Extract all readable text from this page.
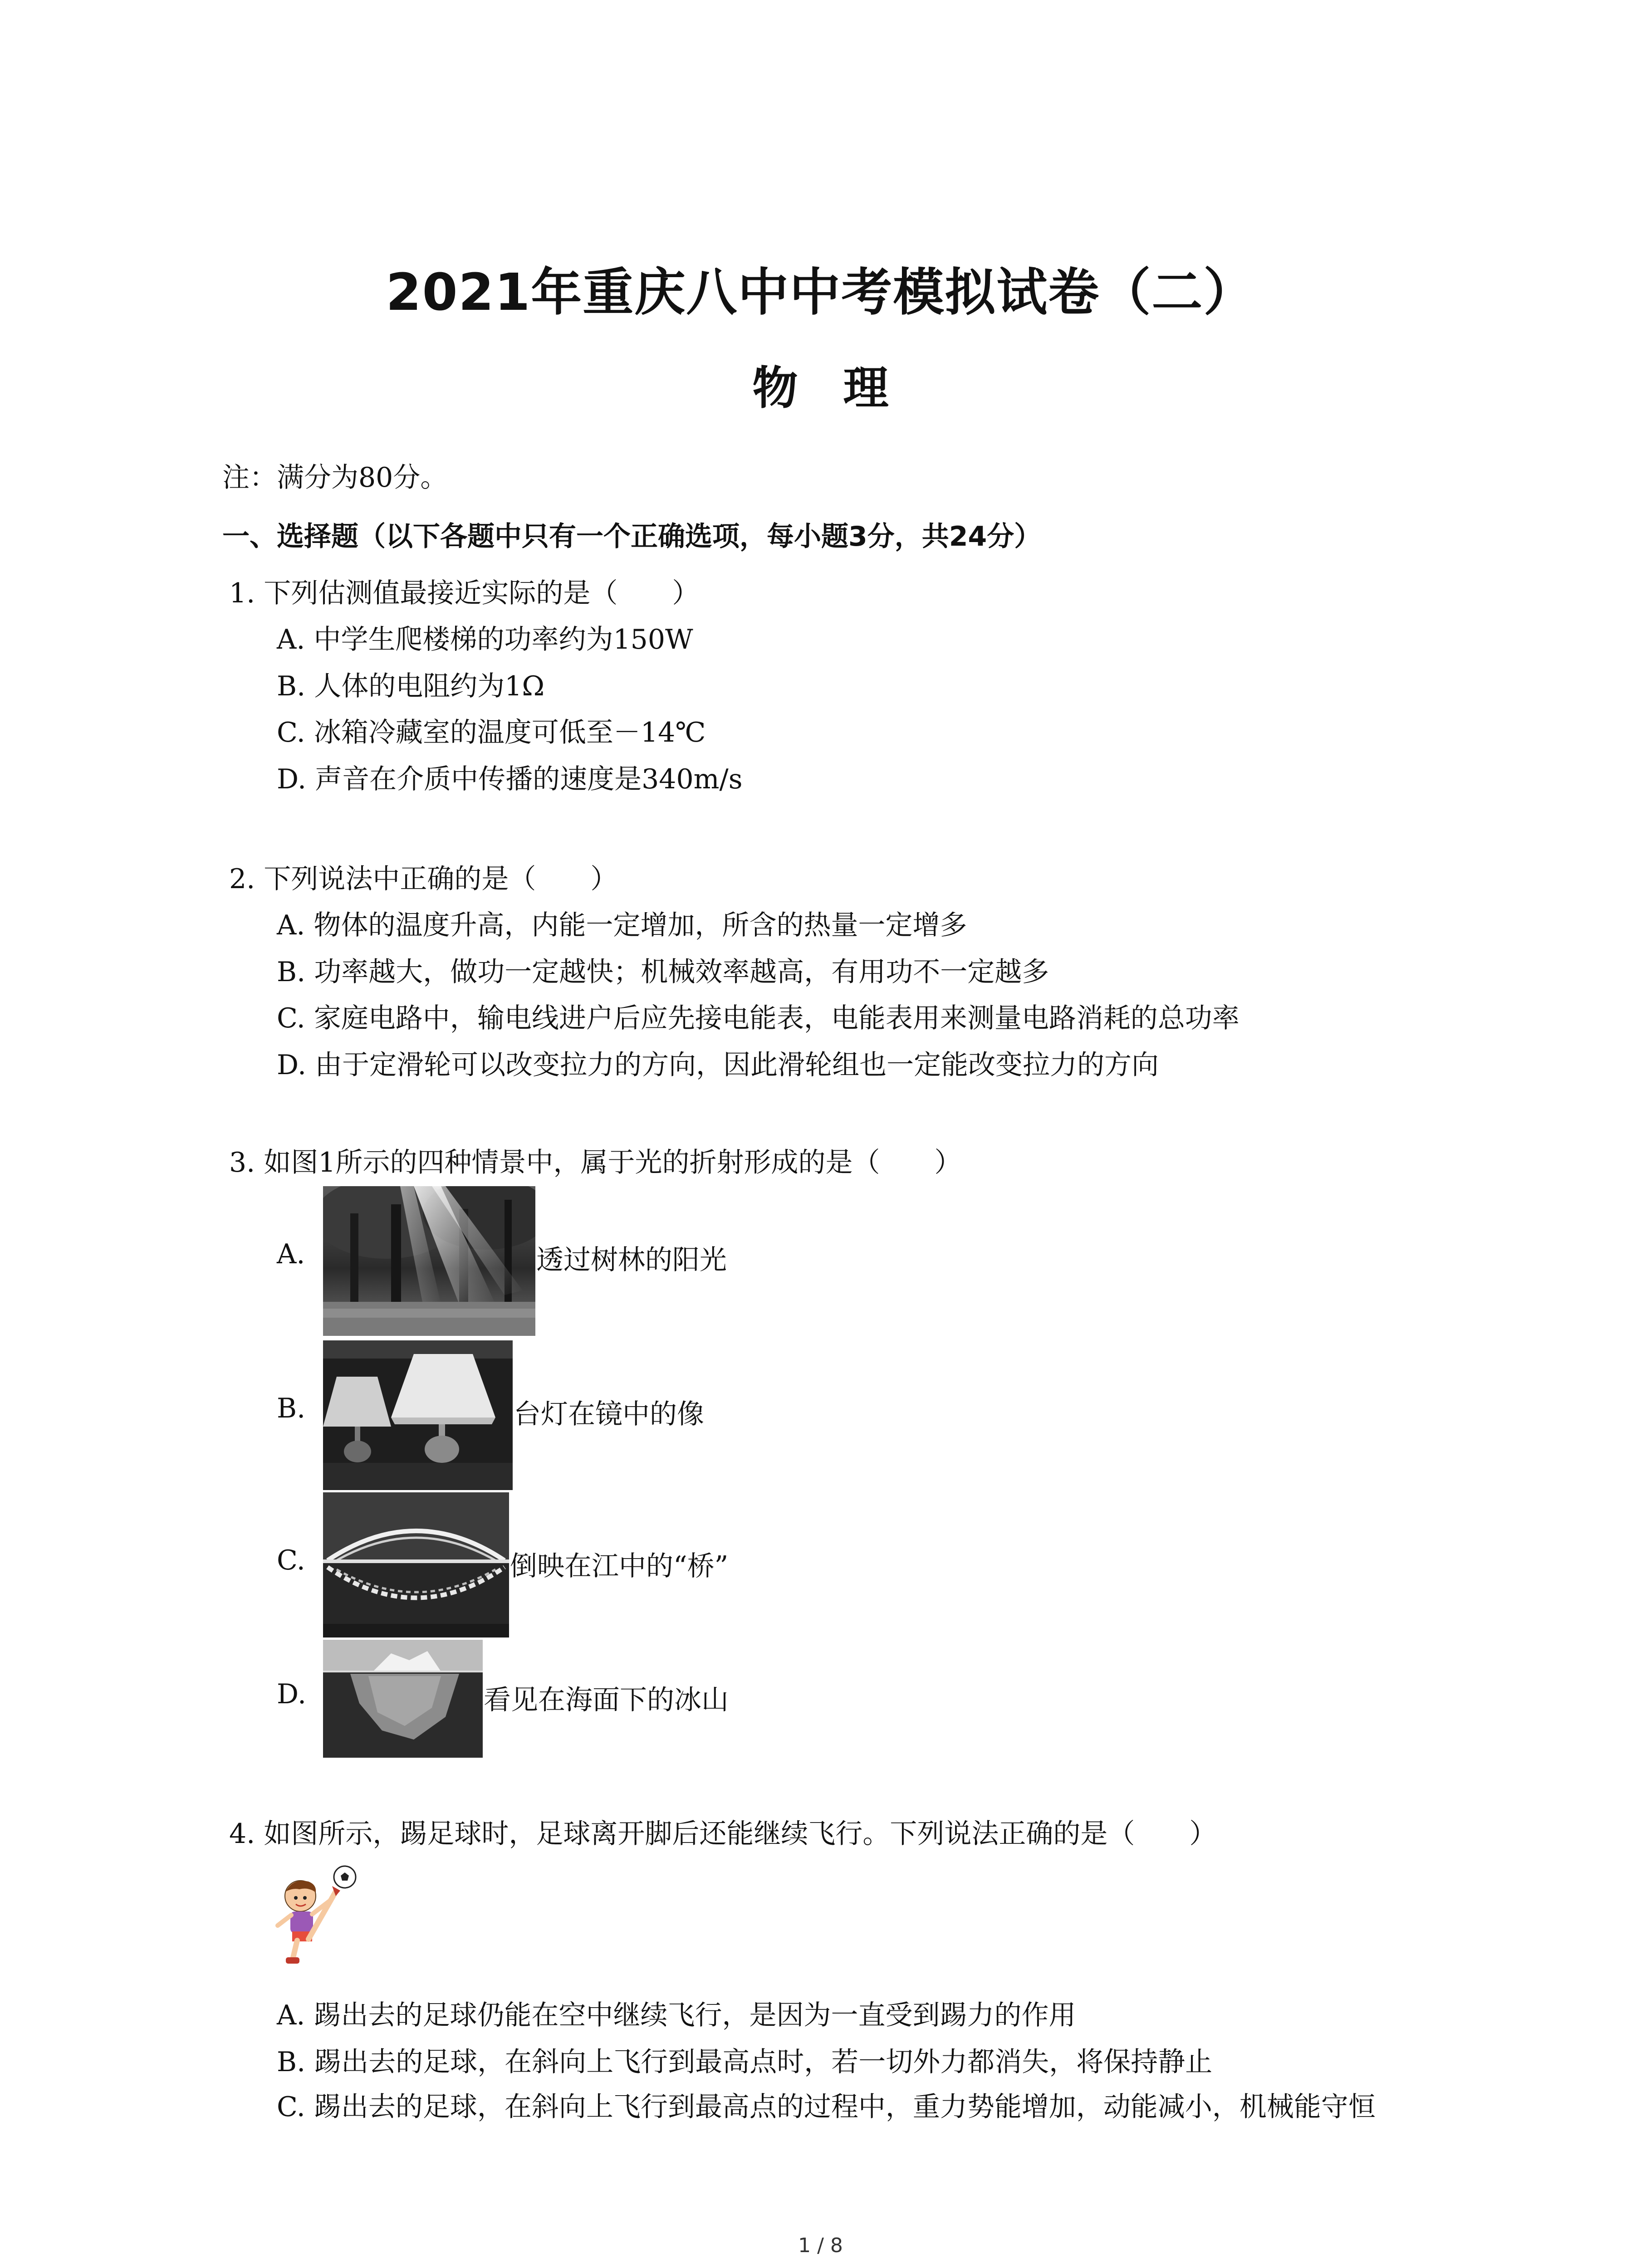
2021年重庆八中中考模拟试卷（二）
物理
注：满分为80分。
一、选择题（以下各题中只有一个正确选项，每小题3分，共24分）
1. 下列估测值最接近实际的是（　　）
A. 中学生爬楼梯的功率约为150W
B. 人体的电阻约为1Ω
C. 冰箱冷藏室的温度可低至－14℃
D. 声音在介质中传播的速度是340m/s
2. 下列说法中正确的是（　　）
A. 物体的温度升高，内能一定增加，所含的热量一定增多
B. 功率越大，做功一定越快；机械效率越高，有用功不一定越多
C. 家庭电路中，输电线进户后应先接电能表，电能表用来测量电路消耗的总功率
D. 由于定滑轮可以改变拉力的方向，因此滑轮组也一定能改变拉力的方向
3. 如图1所示的四种情景中，属于光的折射形成的是（　　）
A.	透过树林的阳光
B.	台灯在镜中的像
C.	倒映在江中的“桥”
D.	看见在海面下的冰山
4. 如图所示，踢足球时，足球离开脚后还能继续飞行。下列说法正确的是（　　）
A. 踢出去的足球仍能在空中继续飞行，是因为一直受到踢力的作用
B. 踢出去的足球，在斜向上飞行到最高点时，若一切外力都消失，将保持静止
C. 踢出去的足球，在斜向上飞行到最高点的过程中，重力势能增加，动能减小，机械能守恒
1 / 8
